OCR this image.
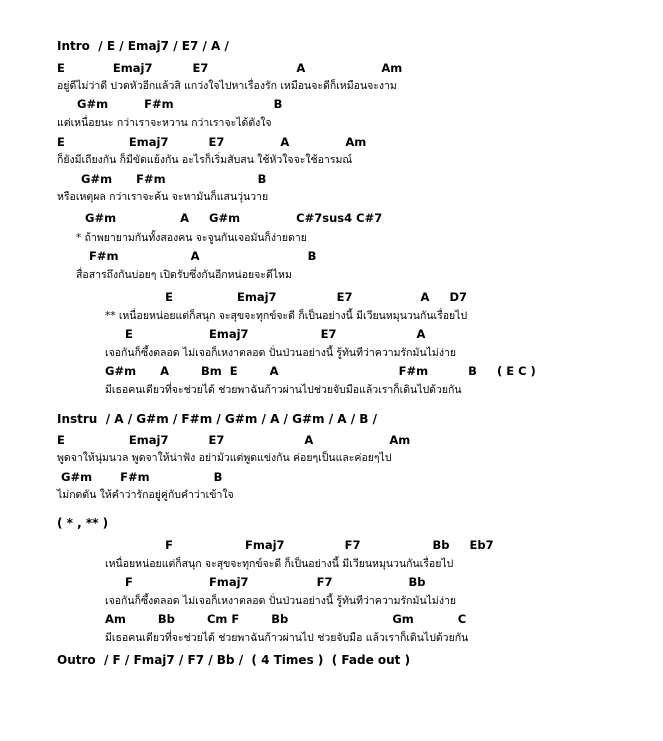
Intro  / E / Emaj7 / E7 / A /
E            Emaj7          E7                      A                   Am
อยู่ดีไม่ว่าดี ปวดหัวอีกแล้วสิ แกว่งใจไปหาเรื่องรัก เหมือนจะดีก็เหมือนจะงาม
G#m         F#m                         B
แต่เหนื่อยนะ กว่าเราจะหวาน กว่าเราจะได้ดังใจ
E                Emaj7          E7              A              Am
ก็ยังมีเถียงกัน ก็มีขัดแย้งกัน อะไรก็เริ่มสับสน ใช้หัวใจจะใช้อารมณ์
G#m      F#m                       B
หรือเหตุผล กว่าเราจะค้น จะหามันก็แสนวุ่นวาย
G#m                A     G#m              C#7sus4 C#7
* ถ้าพยายามกันทั้งสองคน จะจูนกันเจอมันก็ง่ายดาย
F#m                  A                           B
สื่อสารถึงกันบ่อยๆ เปิดรับซึ่งกันอีกหน่อยจะดีไหม
E                Emaj7               E7                 A     D7
** เหนื่อยหน่อยแต่ก็สนุก จะสุขจะทุกข์จะดี ก็เป็นอย่างนี้ มีเวียนหมุนวนกันเรื่อยไป
E                   Emaj7                  E7                    A
เจอกันก็ซึ้งตลอด ไม่เจอก็เหงาตลอด ปั่นป่วนอย่างนี้ รู้ทันทีว่าความรักมันไม่ง่าย
G#m      A        Bm  E        A                              F#m          B     ( E C )
มีเธอคนเดียวที่จะช่วยได้ ช่วยพาฉันก้าวผ่านไปช่วยจับมือแล้วเราก็เดินไปด้วยกัน
Instru  / A / G#m / F#m / G#m / A / G#m / A / B /
E                Emaj7          E7                    A                   Am
พูดจาให้นุ่มนวล พูดจาให้น่าฟัง อย่ามัวแต่พูดแข่งกัน ค่อยๆเป็นและค่อยๆไป
G#m       F#m                B
ไม่กดดัน ให้คำว่ารักอยู่คู่กับคำว่าเข้าใจ
( * , ** )
F                  Fmaj7               F7                  Bb     Eb7
เหนื่อยหน่อยแต่ก็สนุก จะสุขจะทุกข์จะดี ก็เป็นอย่างนี้ มีเวียนหมุนวนกันเรื่อยไป
F                   Fmaj7                 F7                   Bb
เจอกันก็ซึ้งตลอด ไม่เจอก็เหงาตลอด ปั่นป่วนอย่างนี้ รู้ทันทีว่าความรักมันไม่ง่าย
Am        Bb        Cm F        Bb                          Gm           C
มีเธอคนเดียวที่จะช่วยได้ ช่วยพาฉันก้าวผ่านไป ช่วยจับมือ แล้วเราก็เดินไปด้วยกัน
Outro  / F / Fmaj7 / F7 / Bb /  ( 4 Times )  ( Fade out )
